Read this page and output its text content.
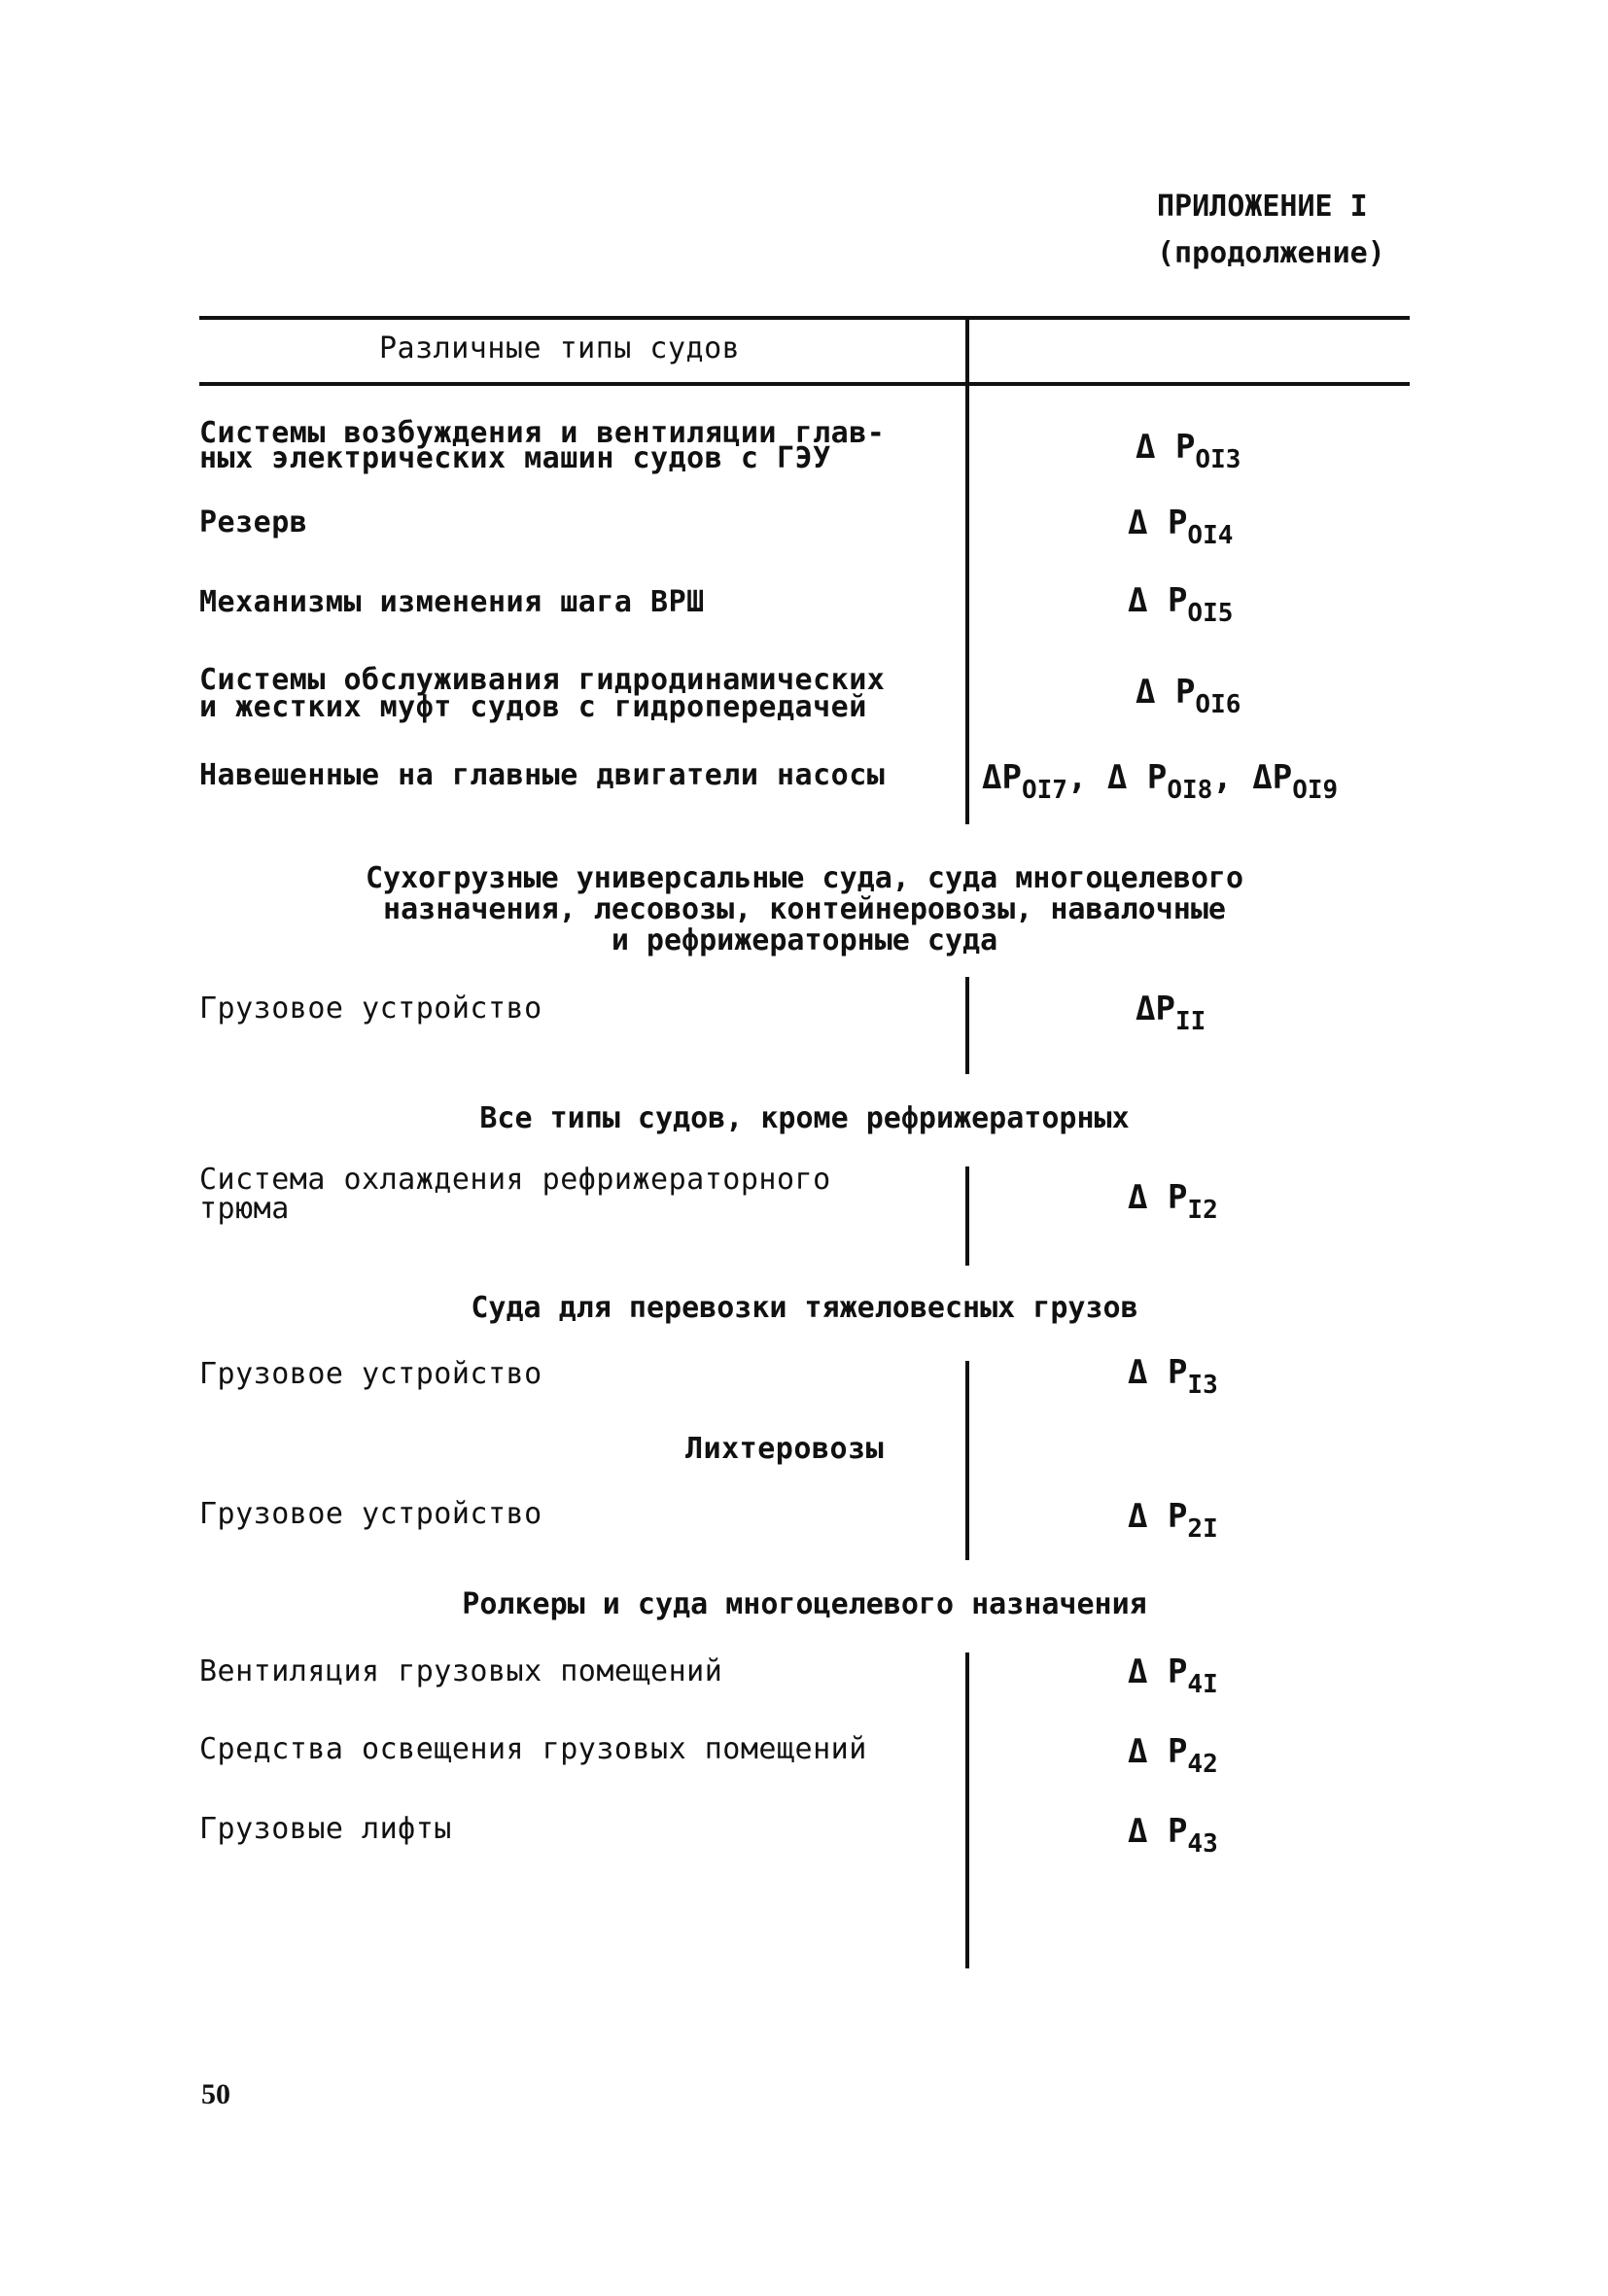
ПРИЛОЖЕНИЕ I
(продолжение)
Различные типы судов
Системы возбуждения и вентиляции глав-
ных электрических машин судов с ГЭУ	Δ $P_{OI3}$
Резерв	Δ $P_{OI4}$
Механизмы изменения шага ВРШ	Δ $P_{OI5}$
Системы обслуживания гидродинамических
и жестких муфт судов с гидропередачей	Δ $P_{OI6}$
Навешенные на главные двигатели насосы	$\Delta P_{OI7}$, Δ $P_{OI8}$, $\Delta P_{OI9}$
Сухогрузные универсальные суда, суда многоцелевого
назначения, лесовозы, контейнеровозы, навалочные
и рефрижераторные суда
Грузовое устройство	$\Delta P_{II}$
Все типы судов, кроме рефрижераторных
Система охлаждения рефрижераторного
трюма	Δ $P_{I2}$
Суда для перевозки тяжеловесных грузов
Грузовое устройство	Δ $P_{I3}$
Лихтеровозы
Грузовое устройство	Δ $P_{2I}$
Ролкеры и суда многоцелевого назначения
Вентиляция грузовых помещений	Δ $P_{4I}$
Средства освещения грузовых помещений	Δ $P_{42}$
Грузовые лифты	Δ $P_{43}$
50
